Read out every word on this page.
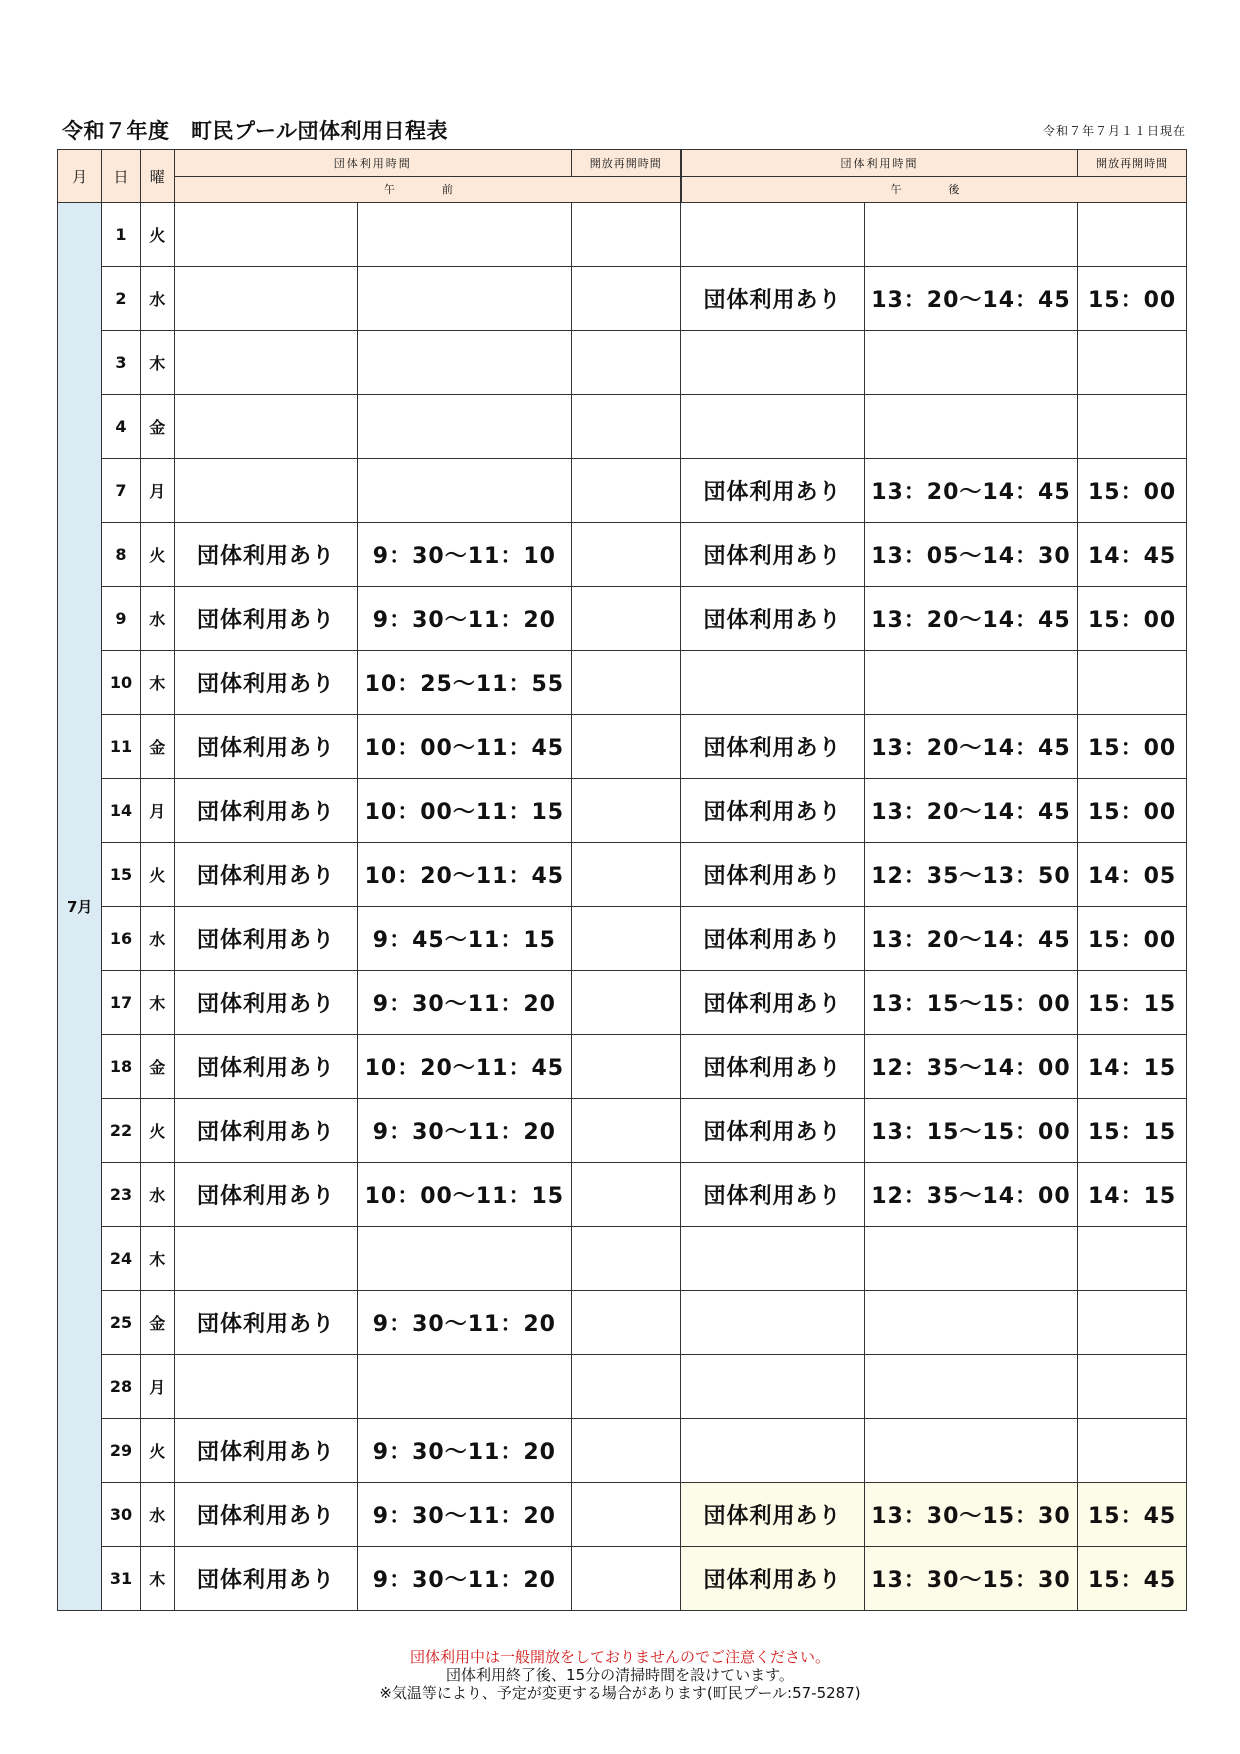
令和７年度　町民プール団体利用日程表	令和７年７月１１日現在
月	日	曜	団体利用時間		開放再開時間	団体利用時間		開放再開時間
			午　前			午　後		
7月	1	火						
	2	水				団体利用あり	13：20～14：45	15：00
	3	木						
	4	金						
	7	月				団体利用あり	13：20～14：45	15：00
	8	火	団体利用あり	9：30～11：10		団体利用あり	13：05～14：30	14：45
	9	水	団体利用あり	9：30～11：20		団体利用あり	13：20～14：45	15：00
	10	木	団体利用あり	10：25～11：55				
	11	金	団体利用あり	10：00～11：45		団体利用あり	13：20～14：45	15：00
	14	月	団体利用あり	10：00～11：15		団体利用あり	13：20～14：45	15：00
	15	火	団体利用あり	10：20～11：45		団体利用あり	12：35～13：50	14：05
	16	水	団体利用あり	9：45～11：15		団体利用あり	13：20～14：45	15：00
	17	木	団体利用あり	9：30～11：20		団体利用あり	13：15～15：00	15：15
	18	金	団体利用あり	10：20～11：45		団体利用あり	12：35～14：00	14：15
	22	火	団体利用あり	9：30～11：20		団体利用あり	13：15～15：00	15：15
	23	水	団体利用あり	10：00～11：15		団体利用あり	12：35～14：00	14：15
	24	木						
	25	金	団体利用あり	9：30～11：20				
	28	月						
	29	火	団体利用あり	9：30～11：20				
	30	水	団体利用あり	9：30～11：20		団体利用あり	13：30～15：30	15：45
	31	木	団体利用あり	9：30～11：20		団体利用あり	13：30～15：30	15：45
団体利用中は一般開放をしておりませんのでご注意ください。
団体利用終了後、15分の清掃時間を設けています。
※気温等により、予定が変更する場合があります(町民プール:57-5287)
